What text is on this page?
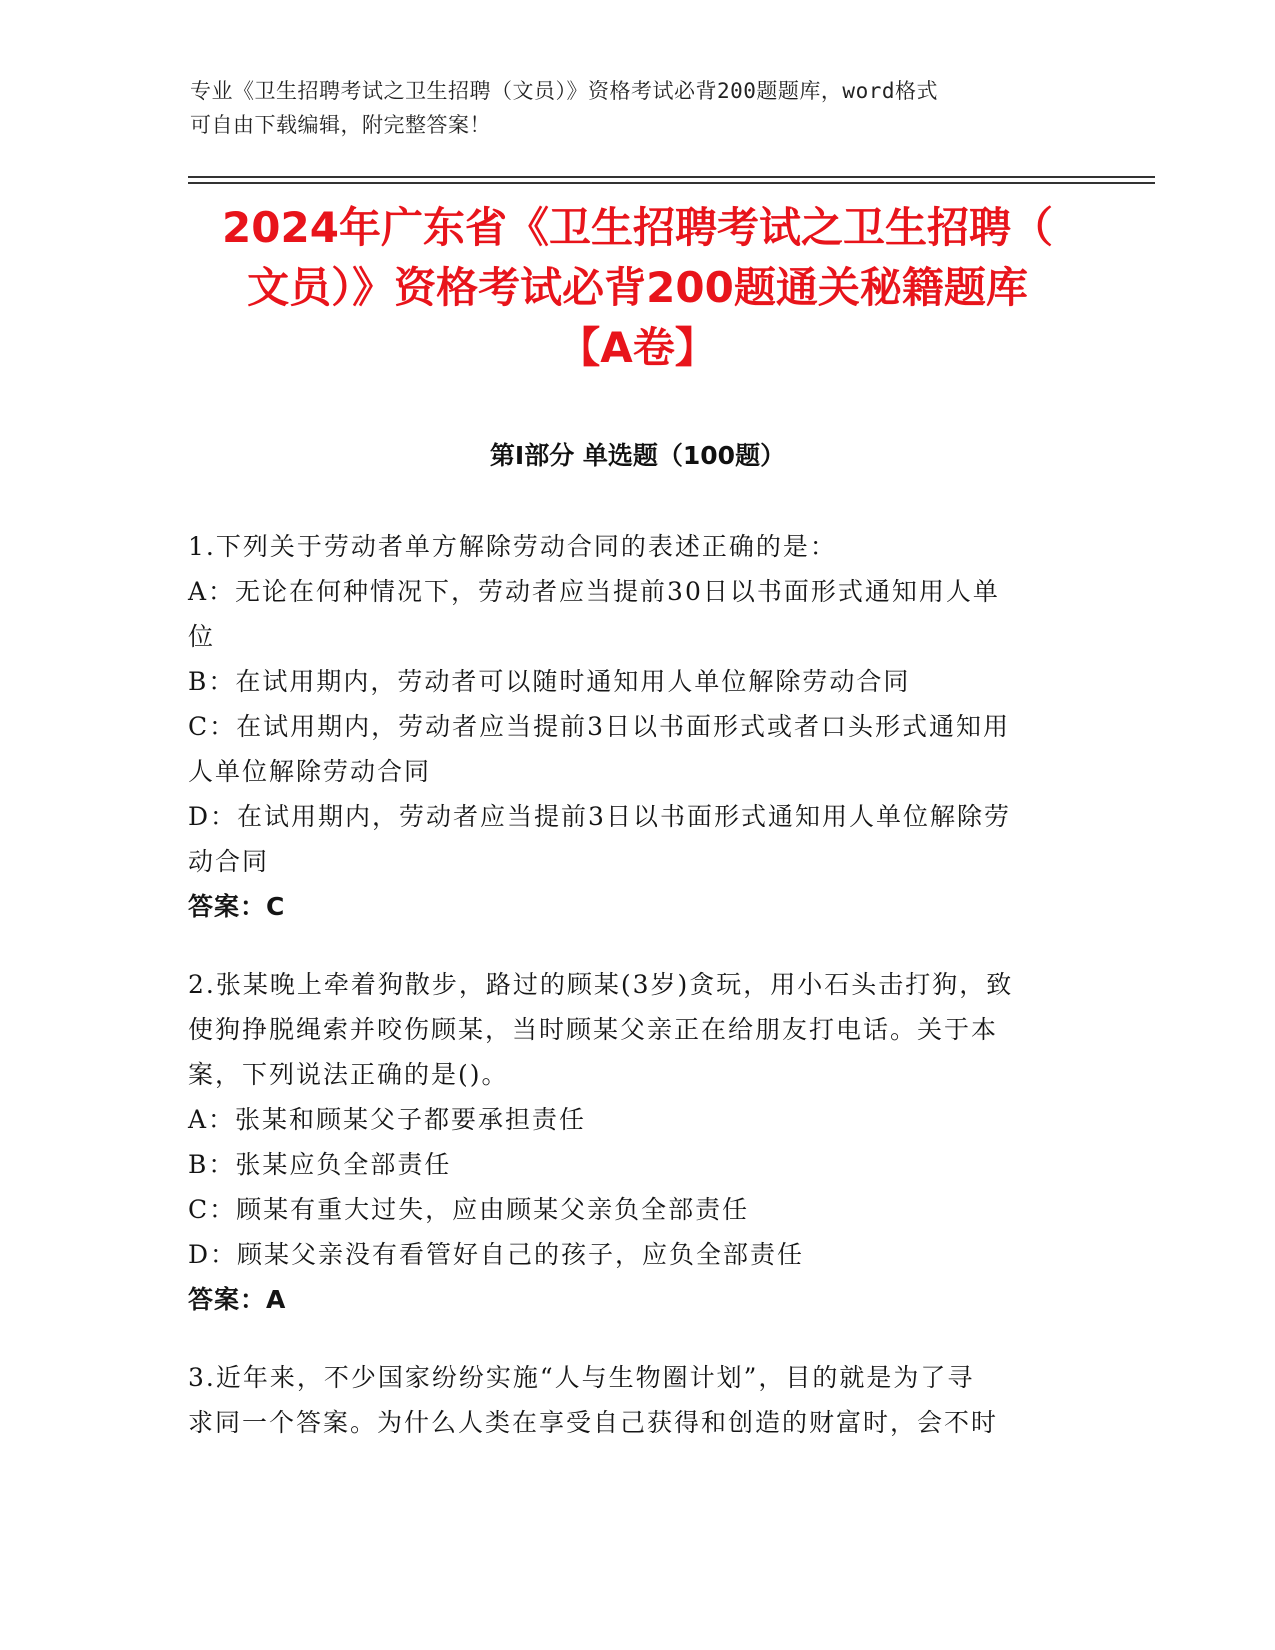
专业《卫生招聘考试之卫生招聘（文员）》资格考试必背200题题库，word格式
可自由下载编辑，附完整答案！
2024年广东省《卫生招聘考试之卫生招聘（
文员）》资格考试必背200题通关秘籍题库
【A卷】
第Ⅰ部分 单选题（100题）
1.下列关于劳动者单方解除劳动合同的表述正确的是：
A：无论在何种情况下，劳动者应当提前30日以书面形式通知用人单
位
B：在试用期内，劳动者可以随时通知用人单位解除劳动合同
C：在试用期内，劳动者应当提前3日以书面形式或者口头形式通知用
人单位解除劳动合同
D：在试用期内，劳动者应当提前3日以书面形式通知用人单位解除劳
动合同
答案：C
2.张某晚上牵着狗散步，路过的顾某(3岁)贪玩，用小石头击打狗，致
使狗挣脱绳索并咬伤顾某，当时顾某父亲正在给朋友打电话。关于本
案，下列说法正确的是()。
A：张某和顾某父子都要承担责任
B：张某应负全部责任
C：顾某有重大过失，应由顾某父亲负全部责任
D：顾某父亲没有看管好自己的孩子，应负全部责任
答案：A
3.近年来，不少国家纷纷实施“人与生物圈计划”，目的就是为了寻
求同一个答案。为什么人类在享受自己获得和创造的财富时，会不时
